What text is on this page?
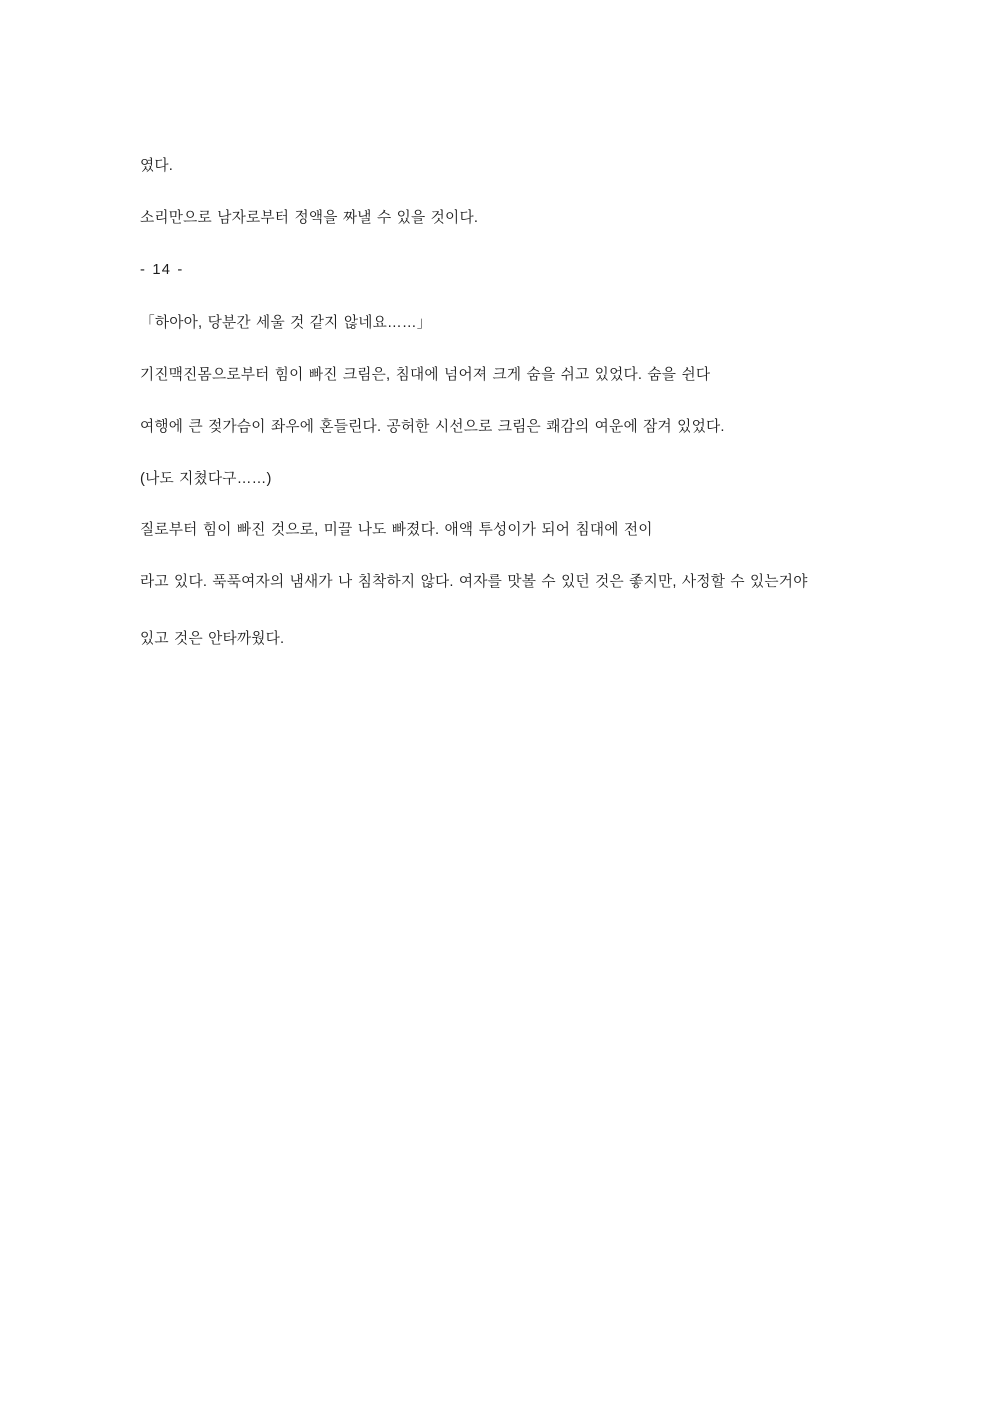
였다.

소리만으로 남자로부터 정액을 짜낼 수 있을 것이다.

- 14 -

「하아아, 당분간 세울 것 같지 않네요……」

기진맥진몸으로부터 힘이 빠진 크림은, 침대에 넘어져 크게 숨을 쉬고 있었다. 숨을 쉰다

여행에 큰 젖가슴이 좌우에 혼들린다. 공허한 시선으로 크림은 쾌감의 여운에 잠겨 있었다.

(나도 지쳤다구……)

질로부터 힘이 빠진 것으로, 미끌 나도 빠졌다. 애액 투성이가 되어 침대에 전이

라고 있다. 푹푹여자의 냄새가 나 침착하지 않다. 여자를 맛볼 수 있던 것은 좋지만, 사정할 수 있는거야

있고 것은 안타까웠다.
